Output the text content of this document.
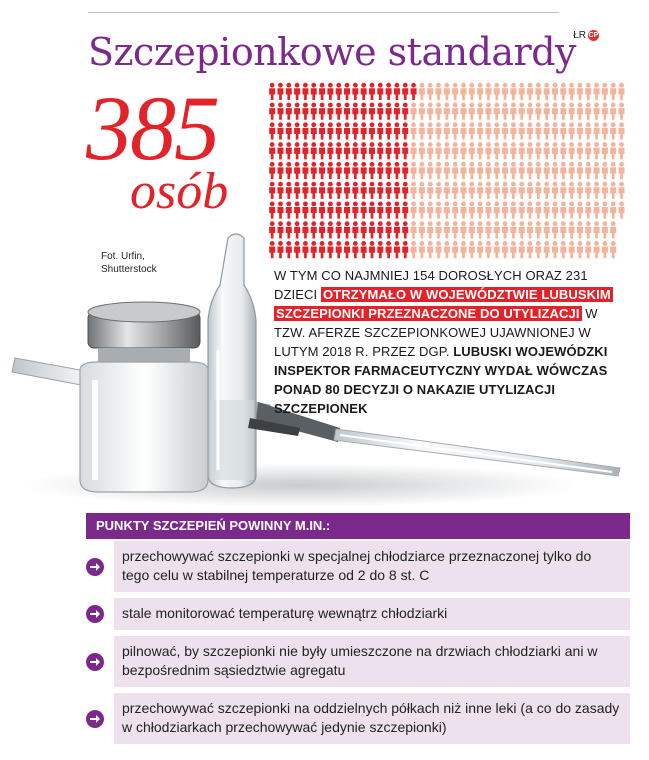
Szczepionkowe standardy
ŁR CP
385
osób
Fot. Urfin,
Shutterstock	W TYM CO NAJMNIEJ 154 DOROSŁYCH ORAZ 231 DZIECI OTRZYMAŁO W WOJEWÓDZTWIE LUBUSKIM SZCZEPIONKI PRZEZNACZONE DO UTYLIZACJI W TZW. AFERZE SZCZEPIONKOWEJ UJAWNIONEJ W LUTYM 2018 R. PRZEZ DGP. LUBUSKI WOJEWÓDZKI INSPEKTOR FARMACEUTYCZNY WYDAŁ WÓWCZAS PONAD 80 DECYZJI O NAKAZIE UTYLIZACJI SZCZEPIONEK
PUNKTY SZCZEPIEŃ POWINNY M.IN.:
przechowywać szczepionki w specjalnej chłodziarce przeznaczonej tylko do tego celu w stabilnej temperaturze od 2 do 8 st. C
stale monitorować temperaturę wewnątrz chłodziarki
pilnować, by szczepionki nie były umieszczone na drzwiach chłodziarki ani w bezpośrednim sąsiedztwie agregatu
przechowywać szczepionki na oddzielnych półkach niż inne leki (a co do zasady w chłodziarkach przechowywać jedynie szczepionki)
